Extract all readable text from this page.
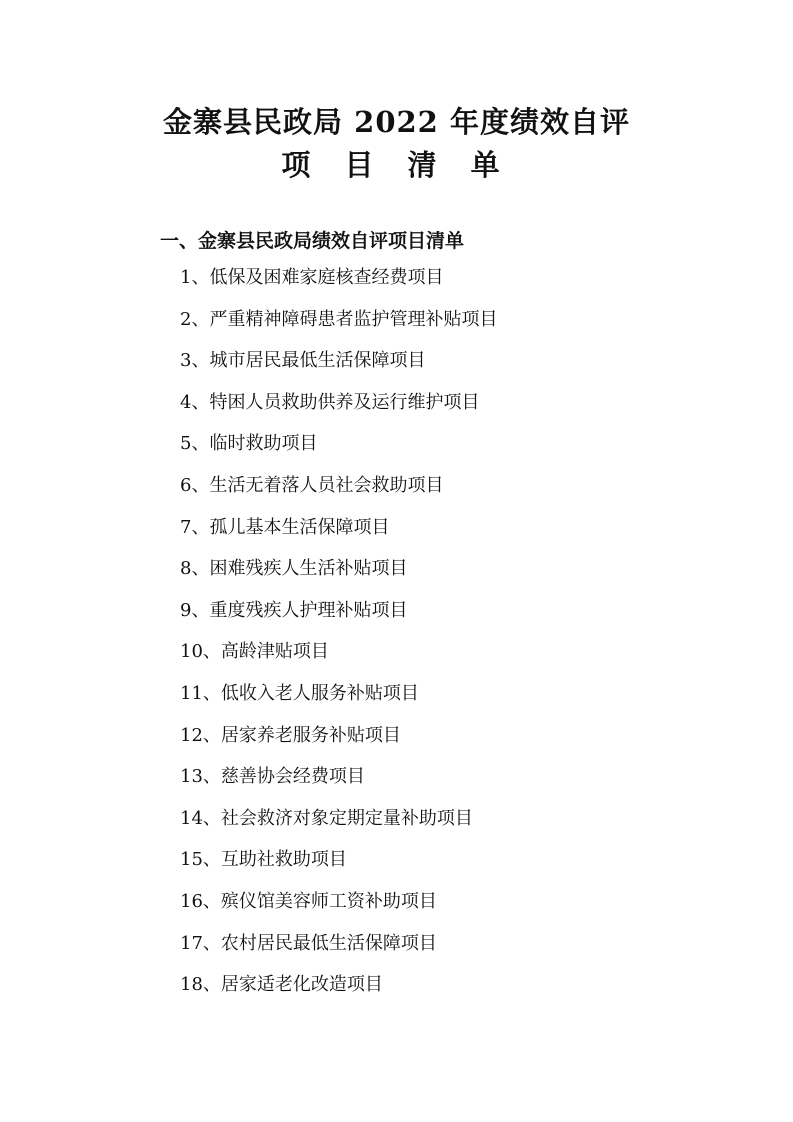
金寨县民政局 2022 年度绩效自评
项 目 清 单
一、金寨县民政局绩效自评项目清单
1、低保及困难家庭核查经费项目
2、严重精神障碍患者监护管理补贴项目
3、城市居民最低生活保障项目
4、特困人员救助供养及运行维护项目
5、临时救助项目
6、生活无着落人员社会救助项目
7、孤儿基本生活保障项目
8、困难残疾人生活补贴项目
9、重度残疾人护理补贴项目
10、高龄津贴项目
11、低收入老人服务补贴项目
12、居家养老服务补贴项目
13、慈善协会经费项目
14、社会救济对象定期定量补助项目
15、互助社救助项目
16、殡仪馆美容师工资补助项目
17、农村居民最低生活保障项目
18、居家适老化改造项目
